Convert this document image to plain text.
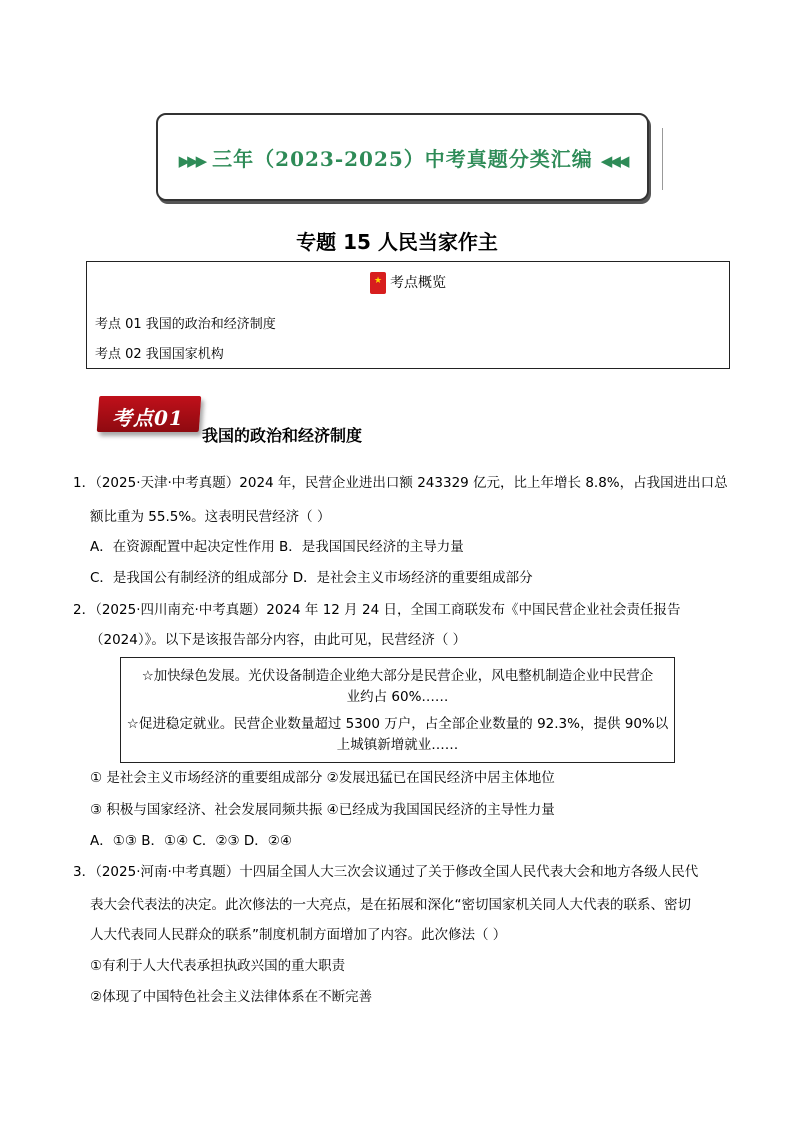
▶▶▶ 三年（2023-2025）中考真题分类汇编 ◀◀◀
专题 15 人民当家作主
★考点概览
考点 01 我国的政治和经济制度
考点 02 我国国家机构
考点01
我国的政治和经济制度
1．（2025·天津·中考真题）2024 年，民营企业进出口额 243329 亿元，比上年增长 8.8%，占我国进出口总
额比重为 55.5%。这表明民营经济（ ）
A．在资源配置中起决定性作用 B．是我国国民经济的主导力量
C．是我国公有制经济的组成部分 D．是社会主义市场经济的重要组成部分
2．（2025·四川南充·中考真题）2024 年 12 月 24 日，全国工商联发布《中国民营企业社会责任报告
（2024）》。以下是该报告部分内容，由此可见，民营经济（ ）
☆加快绿色发展。光伏设备制造企业绝大部分是民营企业，风电整机制造企业中民营企
业约占 60%……
☆促进稳定就业。民营企业数量超过 5300 万户，占全部企业数量的 92.3%，提供 90%以
上城镇新增就业……
① 是社会主义市场经济的重要组成部分 ②发展迅猛已在国民经济中居主体地位
③ 积极与国家经济、社会发展同频共振 ④已经成为我国国民经济的主导性力量
A．①③ B．①④ C．②③ D．②④
3．（2025·河南·中考真题）十四届全国人大三次会议通过了关于修改全国人民代表大会和地方各级人民代
表大会代表法的决定。此次修法的一大亮点，是在拓展和深化“密切国家机关同人大代表的联系、密切
人大代表同人民群众的联系”制度机制方面增加了内容。此次修法（ ）
①有利于人大代表承担执政兴国的重大职责
②体现了中国特色社会主义法律体系在不断完善
